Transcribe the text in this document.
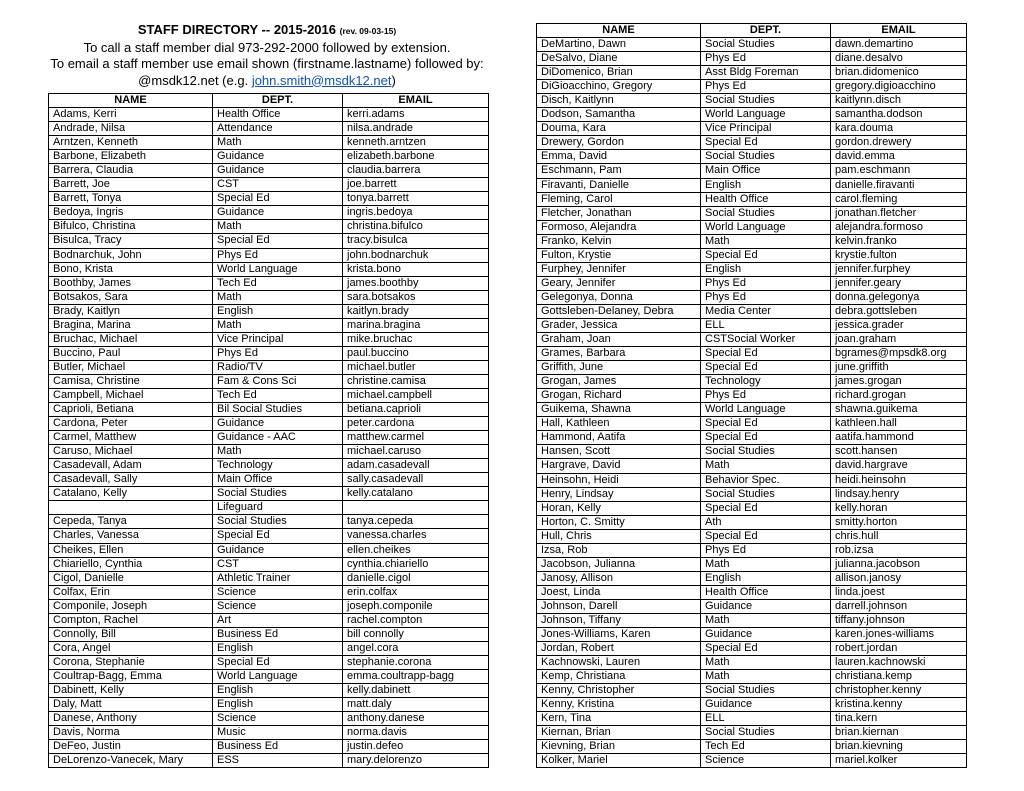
STAFF DIRECTORY -- 2015-2016 (rev. 09-03-15)
To call a staff member dial 973-292-2000 followed by extension.
To email a staff member use email shown (firstname.lastname) followed by:
@msdk12.net (e.g. john.smith@msdk12.net)
NAME	DEPT.	EMAIL
Adams, Kerri	Health Office	kerri.adams
Andrade, Nilsa	Attendance	nilsa.andrade
Arntzen, Kenneth	Math	kenneth.arntzen
Barbone, Elizabeth	Guidance	elizabeth.barbone
Barrera, Claudia	Guidance	claudia.barrera
Barrett, Joe	CST	joe.barrett
Barrett, Tonya	Special Ed	tonya.barrett
Bedoya, Ingris	Guidance	ingris.bedoya
Bifulco, Christina	Math	christina.bifulco
Bisulca, Tracy	Special Ed	tracy.bisulca
Bodnarchuk, John	Phys Ed	john.bodnarchuk
Bono, Krista	World Language	krista.bono
Boothby, James	Tech Ed	james.boothby
Botsakos, Sara	Math	sara.botsakos
Brady, Kaitlyn	English	kaitlyn.brady
Bragina, Marina	Math	marina.bragina
Bruchac, Michael	Vice Principal	mike.bruchac
Buccino, Paul	Phys Ed	paul.buccino
Butler, Michael	Radio/TV	michael.butler
Camisa, Christine	Fam & Cons Sci	christine.camisa
Campbell, Michael	Tech Ed	michael.campbell
Caprioli, Betiana	Bil Social Studies	betiana.caprioli
Cardona, Peter	Guidance	peter.cardona
Carmel, Matthew	Guidance - AAC	matthew.carmel
Caruso, Michael	Math	michael.caruso
Casadevall, Adam	Technology	adam.casadevall
Casadevall, Sally	Main Office	sally.casadevall
Catalano, Kelly	Social Studies	kelly.catalano
	Lifeguard	
Cepeda, Tanya	Social Studies	tanya.cepeda
Charles, Vanessa	Special Ed	vanessa.charles
Cheikes, Ellen	Guidance	ellen.cheikes
Chiariello, Cynthia	CST	cynthia.chiariello
Cigol, Danielle	Athletic Trainer	danielle.cigol
Colfax, Erin	Science	erin.colfax
Componile, Joseph	Science	joseph.componile
Compton, Rachel	Art	rachel.compton
Connolly, Bill	Business Ed	bill connolly
Cora, Angel	English	angel.cora
Corona, Stephanie	Special Ed	stephanie.corona
Coultrap-Bagg, Emma	World Language	emma.coultrapp-bagg
Dabinett, Kelly	English	kelly.dabinett
Daly, Matt	English	matt.daly
Danese, Anthony	Science	anthony.danese
Davis, Norma	Music	norma.davis
DeFeo, Justin	Business Ed	justin.defeo
DeLorenzo-Vanecek, Mary	ESS	mary.delorenzo
NAME	DEPT.	EMAIL
DeMartino, Dawn	Social Studies	dawn.demartino
DeSalvo, Diane	Phys Ed	diane.desalvo
DiDomenico, Brian	Asst Bldg Foreman	brian.didomenico
DiGioacchino, Gregory	Phys Ed	gregory.digioacchino
Disch, Kaitlynn	Social Studies	kaitlynn.disch
Dodson, Samantha	World Language	samantha.dodson
Douma, Kara	Vice Principal	kara.douma
Drewery, Gordon	Special Ed	gordon.drewery
Emma, David	Social Studies	david.emma
Eschmann, Pam	Main Office	pam.eschmann
Firavanti, Danielle	English	danielle.firavanti
Fleming, Carol	Health Office	carol.fleming
Fletcher, Jonathan	Social Studies	jonathan.fletcher
Formoso, Alejandra	World Language	alejandra.formoso
Franko, Kelvin	Math	kelvin.franko
Fulton, Krystie	Special Ed	krystie.fulton
Furphey, Jennifer	English	jennifer.furphey
Geary, Jennifer	Phys Ed	jennifer.geary
Gelegonya, Donna	Phys Ed	donna.gelegonya
Gottsleben-Delaney, Debra	Media Center	debra.gottsleben
Grader, Jessica	ELL	jessica.grader
Graham, Joan	CSTSocial Worker	joan.graham
Grames, Barbara	Special Ed	bgrames@mpsdk8.org
Griffith, June	Special Ed	june.griffith
Grogan, James	Technology	james.grogan
Grogan, Richard	Phys Ed	richard.grogan
Guikema, Shawna	World Language	shawna.guikema
Hall, Kathleen	Special Ed	kathleen.hall
Hammond, Aatifa	Special Ed	aatifa.hammond
Hansen, Scott	Social Studies	scott.hansen
Hargrave, David	Math	david.hargrave
Heinsohn, Heidi	Behavior Spec.	heidi.heinsohn
Henry, Lindsay	Social Studies	lindsay.henry
Horan, Kelly	Special Ed	kelly.horan
Horton, C. Smitty	Ath	smitty.horton
Hull, Chris	Special Ed	chris.hull
Izsa, Rob	Phys Ed	rob.izsa
Jacobson, Julianna	Math	julianna.jacobson
Janosy, Allison	English	allison.janosy
Joest, Linda	Health Office	linda.joest
Johnson, Darell	Guidance	darrell.johnson
Johnson, Tiffany	Math	tiffany.johnson
Jones-Williams, Karen	Guidance	karen.jones-williams
Jordan, Robert	Special Ed	robert.jordan
Kachnowski, Lauren	Math	lauren.kachnowski
Kemp, Christiana	Math	christiana.kemp
Kenny, Christopher	Social Studies	christopher.kenny
Kenny, Kristina	Guidance	kristina.kenny
Kern, Tina	ELL	tina.kern
Kiernan, Brian	Social Studies	brian.kiernan
Kievning, Brian	Tech Ed	brian.kievning
Kolker, Mariel	Science	mariel.kolker
